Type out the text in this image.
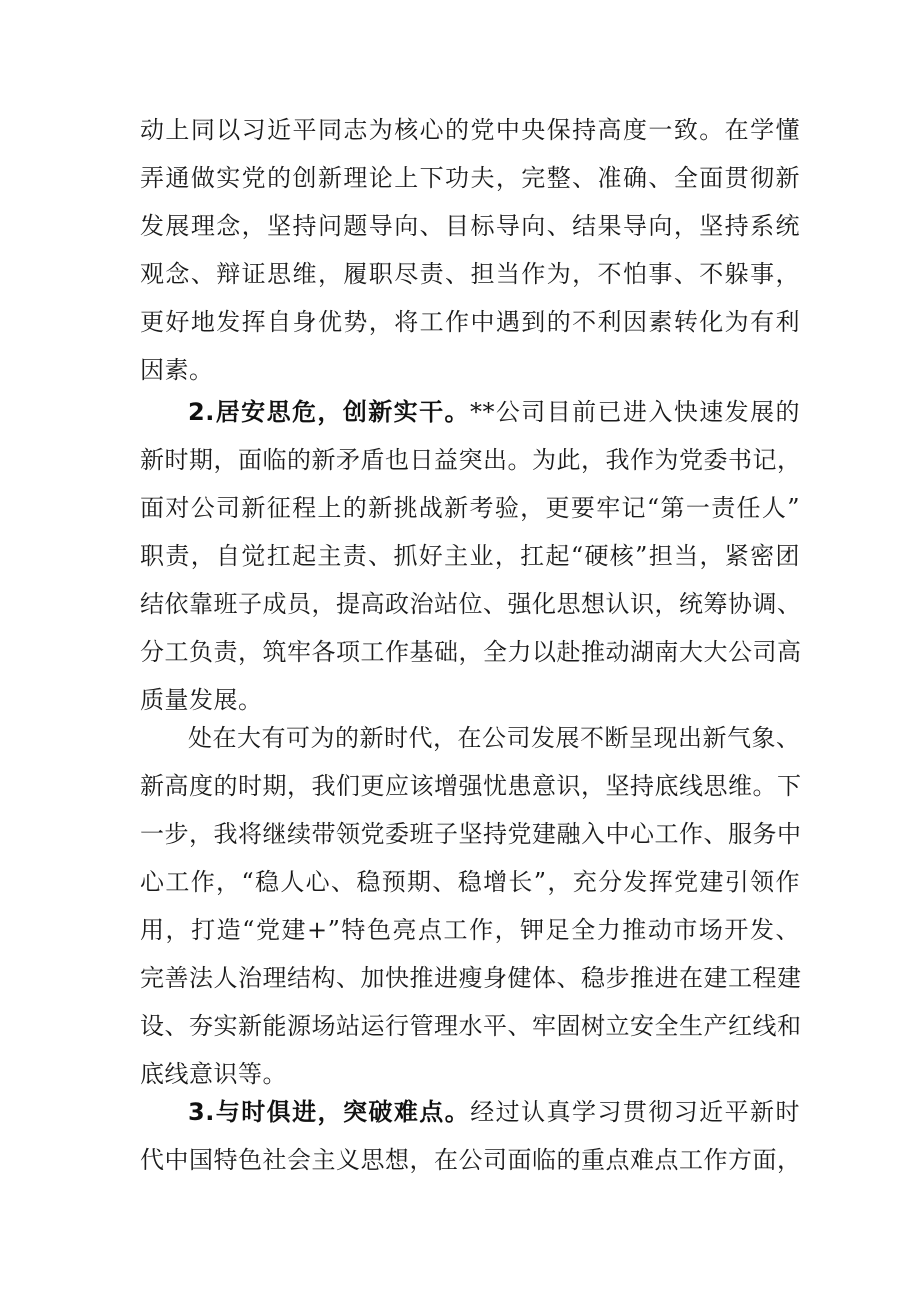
动上同以习近平同志为核心的党中央保持高度一致。在学懂
弄通做实党的创新理论上下功夫，完整、准确、全面贯彻新
发展理念，坚持问题导向、目标导向、结果导向，坚持系统
观念、辩证思维，履职尽责、担当作为，不怕事、不躲事，
更好地发挥自身优势，将工作中遇到的不利因素转化为有利
因素。
2.居安思危，创新实干。**公司目前已进入快速发展的
新时期，面临的新矛盾也日益突出。为此，我作为党委书记，
面对公司新征程上的新挑战新考验，更要牢记“第一责任人”
职责，自觉扛起主责、抓好主业，扛起“硬核”担当，紧密团
结依靠班子成员，提高政治站位、强化思想认识，统筹协调、
分工负责，筑牢各项工作基础，全力以赴推动湖南大大公司高
质量发展。
处在大有可为的新时代，在公司发展不断呈现出新气象、
新高度的时期，我们更应该增强忧患意识，坚持底线思维。下
一步，我将继续带领党委班子坚持党建融入中心工作、服务中
心工作，“稳人心、稳预期、稳增长”，充分发挥党建引领作
用，打造“党建+”特色亮点工作，钾足全力推动市场开发、
完善法人治理结构、加快推进瘦身健体、稳步推进在建工程建
设、夯实新能源场站运行管理水平、牢固树立安全生产红线和
底线意识等。
3.与时俱进，突破难点。经过认真学习贯彻习近平新时
代中国特色社会主义思想，在公司面临的重点难点工作方面，
